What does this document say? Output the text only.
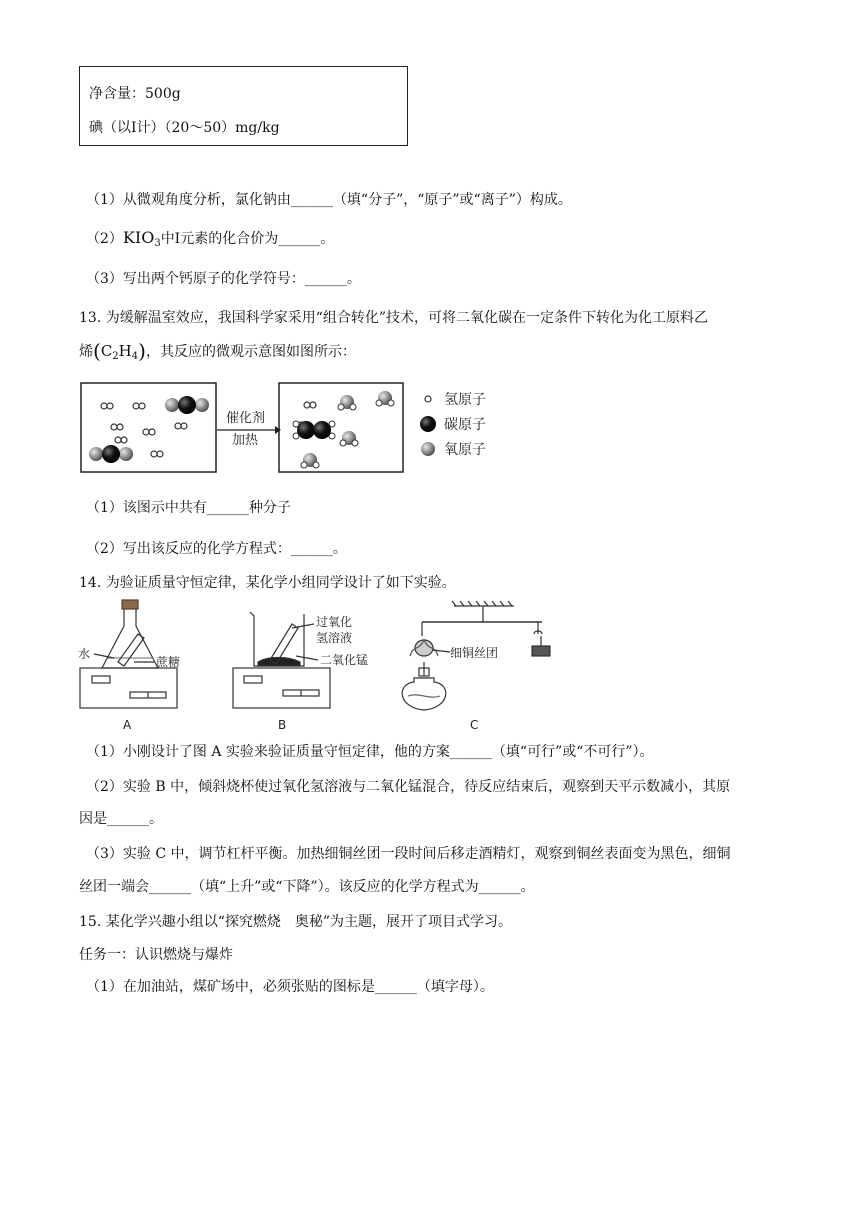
净含量：500g
碘（以Ⅰ计）（20～50）mg/kg
（1）从微观角度分析，氯化钠由______（填“分子”，“原子”或“离子”）构成。
$(2)KIO_3$中Ⅰ元素的化合价为______。
（3）写出两个钙原子的化学符号：______。
13. 为缓解温室效应，我国科学家采用“组合转化”技术，可将二氧化碳在一定条件下转化为化工原料乙
烯$(C_2H_4)$，其反应的微观示意图如图所示：
催化剂
加热
氢原子
碳原子
氧原子
（1）该图示中共有______种分子
（2）写出该反应的化学方程式：______。
14. 为验证质量守恒定律，某化学小组同学设计了如下实验。
水
蔗糖
过氧化
氢溶液
二氧化锰	细铜丝团
A	B	C
（1）小刚设计了图 A 实验来验证质量守恒定律，他的方案______（填“可行”或“不可行”）。
（2）实验 B 中，倾斜烧杯使过氧化氢溶液与二氧化锰混合，待反应结束后，观察到天平示数减小，其原
因是______。
（3）实验 C 中，调节杠杆平衡。加热细铜丝团一段时间后移走酒精灯，观察到铜丝表面变为黑色，细铜
丝团一端会______（填“上升”或“下降”）。该反应的化学方程式为______。
15. 某化学兴趣小组以“探究燃烧　奥秘”为主题，展开了项目式学习。
任务一：认识燃烧与爆炸
（1）在加油站，煤矿场中，必须张贴的图标是______（填字母）。
